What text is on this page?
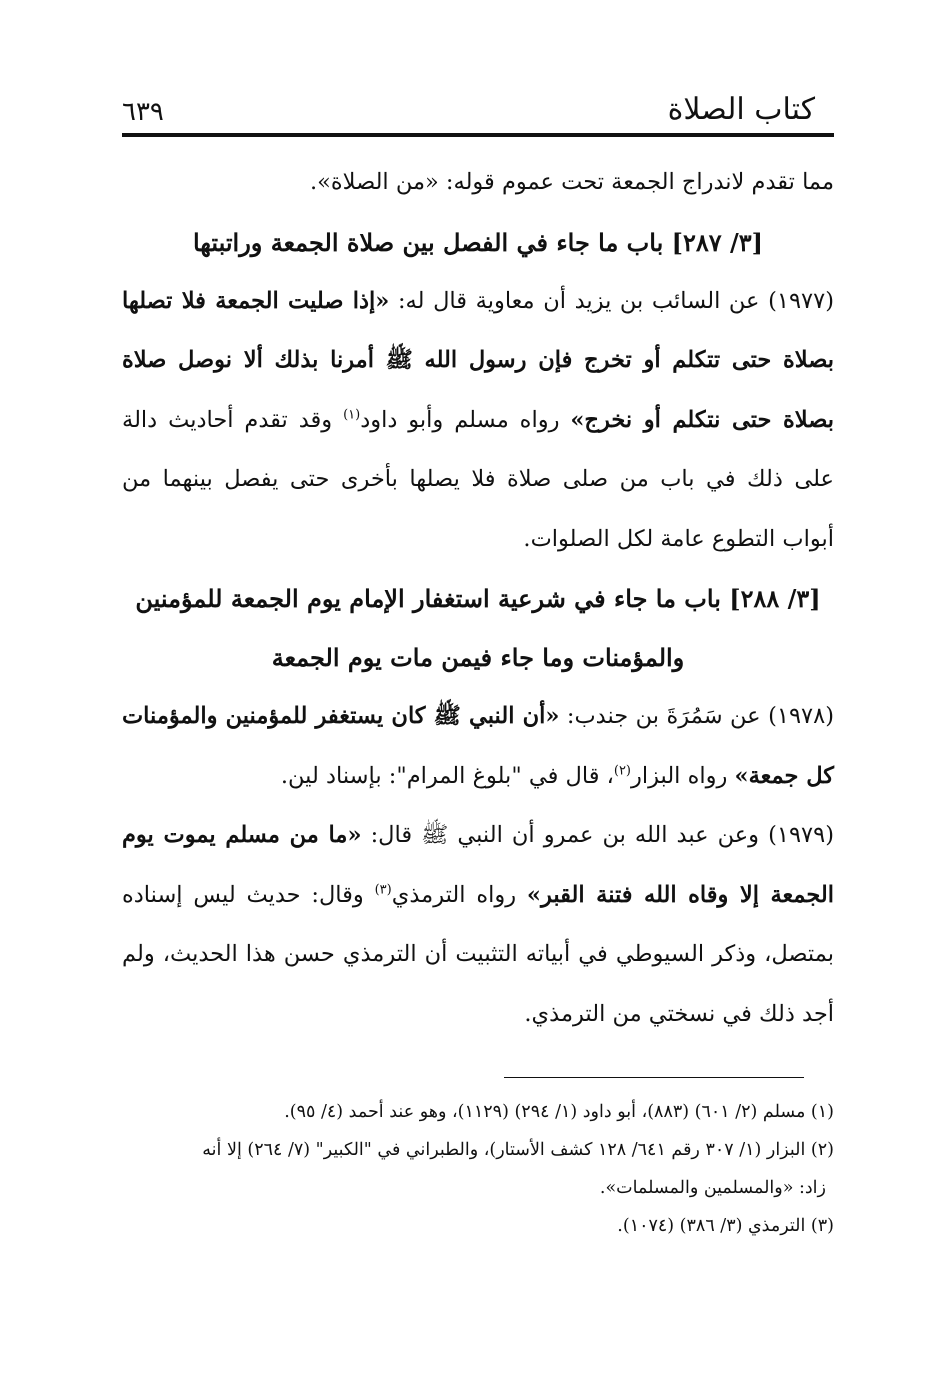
كتاب الصلاة
٦٣٩

مما تقدم لاندراج الجمعة تحت عموم قوله: «من الصلاة».

[٣/ ٢٨٧] باب ما جاء في الفصل بين صلاة الجمعة وراتبتها

(١٩٧٧) عن السائب بن يزيد أن معاوية قال له: «إذا صليت الجمعة فلا تصلها بصلاة حتى تتكلم أو تخرج فإن رسول الله ﷺ أمرنا بذلك ألا نوصل صلاة بصلاة حتى نتكلم أو نخرج» رواه مسلم وأبو داود$^{(١)}$ وقد تقدم أحاديث دالة على ذلك في باب من صلى صلاة فلا يصلها بأخرى حتى يفصل بينهما من أبواب التطوع عامة لكل الصلوات.

[٣/ ٢٨٨] باب ما جاء في شرعية استغفار الإمام يوم الجمعة للمؤمنين والمؤمنات وما جاء فيمن مات يوم الجمعة

(١٩٧٨) عن سَمُرَةَ بن جندب: «أن النبي ﷺ كان يستغفر للمؤمنين والمؤمنات كل جمعة» رواه البزار$^{(٢)}$، قال في "بلوغ المرام": بإسناد لين.

(١٩٧٩) وعن عبد الله بن عمرو أن النبي ﷺ قال: «ما من مسلم يموت يوم الجمعة إلا وقاه الله فتنة القبر» رواه الترمذي$^{(٣)}$ وقال: حديث ليس إسناده بمتصل، وذكر السيوطي في أبياته التثبيت أن الترمذي حسن هذا الحديث، ولم أجد ذلك في نسختي من الترمذي.

(١) مسلم (٢/ ٦٠١) (٨٨٣)، أبو داود (١/ ٢٩٤) (١١٢٩)، وهو عند أحمد (٤/ ٩٥).

(٢) البزار (١/ ٣٠٧ رقم ٦٤١/ ١٢٨ كشف الأستار)، والطبراني في "الكبير" (٧/ ٢٦٤) إلا أنه

زاد: «والمسلمين والمسلمات».

(٣) الترمذي (٣/ ٣٨٦) (١٠٧٤).
